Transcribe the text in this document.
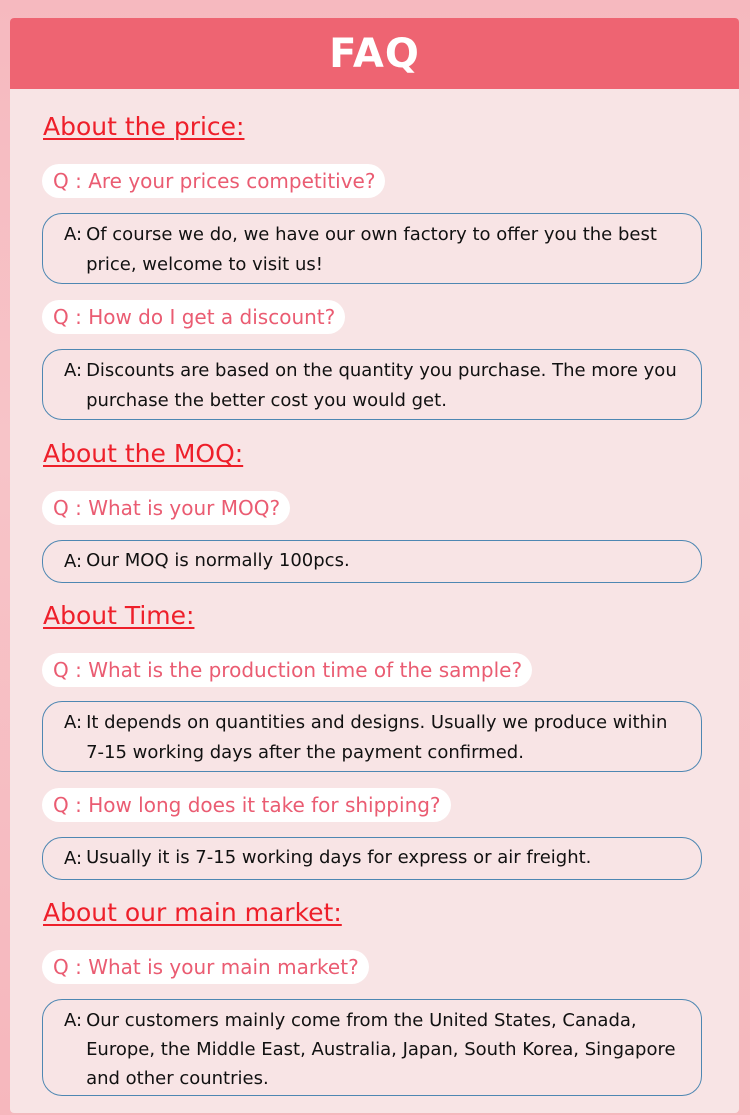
FAQ
About the price:
Q : Are your prices competitive?
A: Of course we do, we have our own factory to offer you the best price, welcome to visit us!
Q : How do I get a discount?
A: Discounts are based on the quantity you purchase. The more you purchase the better cost you would get.
About the MOQ:
Q : What is your MOQ?
A: Our MOQ is normally 100pcs.
About Time:
Q : What is the production time of the sample?
A: It depends on quantities and designs. Usually we produce within 7-15 working days after the payment confirmed.
Q : How long does it take for shipping?
A: Usually it is 7-15 working days for express or air freight.
About our main market:
Q : What is your main market?
A: Our customers mainly come from the United States, Canada, Europe, the Middle East, Australia, Japan, South Korea, Singapore and other countries.
